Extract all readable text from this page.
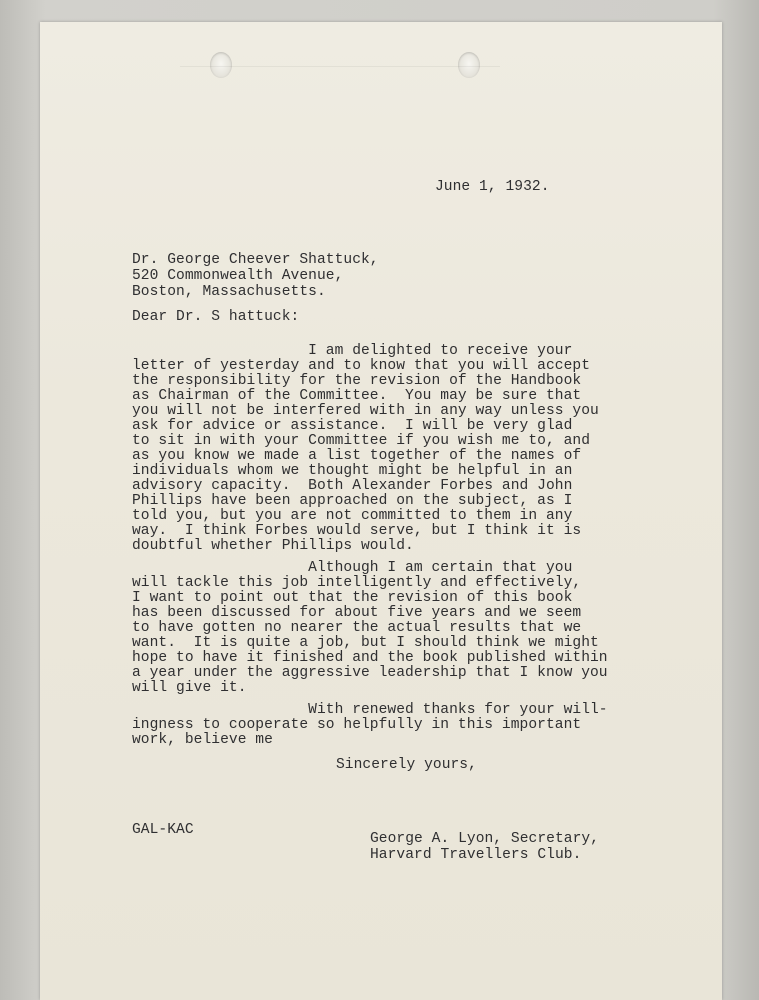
June 1, 1932.

Dr. George Cheever Shattuck,

520 Commonwealth Avenue,

Boston, Massachusetts.

Dear Dr. S hattuck:

I am delighted to receive your

letter of yesterday and to know that you will accept

the responsibility for the revision of the Handbook

as Chairman of the Committee.  You may be sure that

you will not be interfered with in any way unless you

ask for advice or assistance.  I will be very glad

to sit in with your Committee if you wish me to, and

as you know we made a list together of the names of

individuals whom we thought might be helpful in an

advisory capacity.  Both Alexander Forbes and John

Phillips have been approached on the subject, as I

told you, but you are not committed to them in any

way.  I think Forbes would serve, but I think it is

doubtful whether Phillips would.

Although I am certain that you

will tackle this job intelligently and effectively,

I want to point out that the revision of this book

has been discussed for about five years and we seem

to have gotten no nearer the actual results that we

want.  It is quite a job, but I should think we might

hope to have it finished and the book published within

a year under the aggressive leadership that I know you

will give it.

With renewed thanks for your will-

ingness to cooperate so helpfully in this important

work, believe me

Sincerely yours,

GAL-KAC

George A. Lyon, Secretary,

Harvard Travellers Club.
